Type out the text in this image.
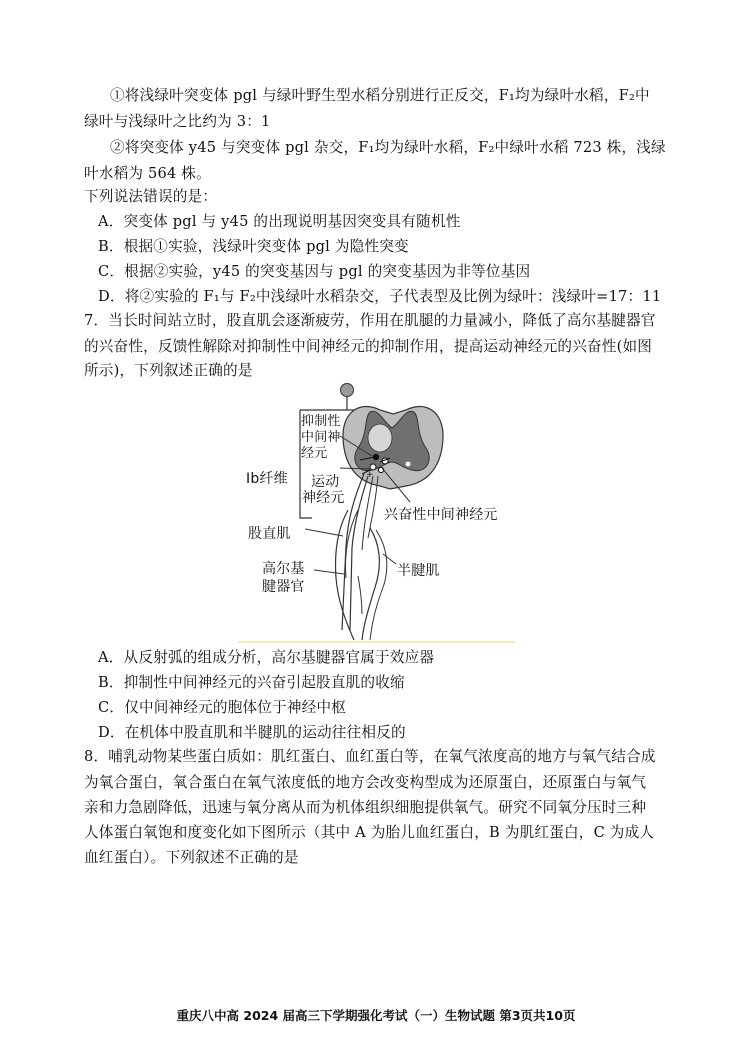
①将浅绿叶突变体 pgl 与绿叶野生型水稻分别进行正反交，F₁均为绿叶水稻，F₂中
绿叶与浅绿叶之比约为 3：1
②将突变体 y45 与突变体 pgl 杂交，F₁均为绿叶水稻，F₂中绿叶水稻 723 株，浅绿
叶水稻为 564 株。
下列说法错误的是：
A．突变体 pgl 与 y45 的出现说明基因突变具有随机性
B．根据①实验，浅绿叶突变体 pgl 为隐性突变
C．根据②实验，y45 的突变基因与 pgl 的突变基因为非等位基因
D．将②实验的 F₁与 F₂中浅绿叶水稻杂交，子代表型及比例为绿叶：浅绿叶=17：11
7．当长时间站立时，股直肌会逐渐疲劳，作用在肌腿的力量减小，降低了高尔基腱器官
的兴奋性，反馈性解除对抑制性中间神经元的抑制作用，提高运动神经元的兴奋性(如图
所示)，下列叙述正确的是
+
抑制性
中间神
经元
Ib纤维 运动
神经元
兴奋性中间神经元
股直肌
高尔基
腱器官
半腱肌
A．从反射弧的组成分析，高尔基腱器官属于效应器
B．抑制性中间神经元的兴奋引起股直肌的收缩
C．仅中间神经元的胞体位于神经中枢
D．在机体中股直肌和半腱肌的运动往往相反的
8．哺乳动物某些蛋白质如：肌红蛋白、血红蛋白等，在氧气浓度高的地方与氧气结合成
为氧合蛋白，氧合蛋白在氧气浓度低的地方会改变构型成为还原蛋白，还原蛋白与氧气
亲和力急剧降低，迅速与氧分离从而为机体组织细胞提供氧气。研究不同氧分压时三种
人体蛋白氧饱和度变化如下图所示（其中 A 为胎儿血红蛋白，B 为肌红蛋白，C 为成人
血红蛋白）。下列叙述不正确的是
重庆八中高 2024 届高三下学期强化考试（一）生物试题 第3页共10页
